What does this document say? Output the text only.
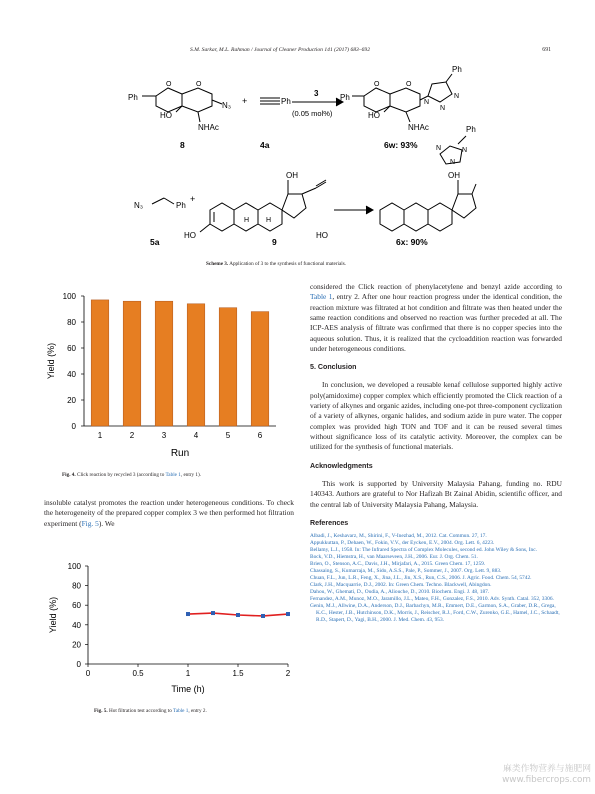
S.M. Sarkar, M.L. Rahman / Journal of Cleaner Production 141 (2017) 683–692	691
Ph
O	O
N₃
HO
NHAc
8
+	Ph
4a
3
(0.05 mol%)
Ph
O	O
HO
NHAc
N
N
N
Ph
6w: 93%
N₃	Ph
5a
+
HO
OH
H
H
9
HO
OH
N
N
N
Ph
6x: 90%
Scheme 3. Application of 3 to the synthesis of functional materials.
0
20
40
60
80
100
1	2	3	4	5	6
Run
Yield (%)
Fig. 4. Click reaction by recycled 3 (according to Table 1, entry 1).
insoluble catalyst promotes the reaction under heterogeneous conditions. To check the heterogeneity of the prepared copper complex 3 we then performed hot filtration experiment (Fig. 5). We
0
20
40
60
80
100
0	0.5	1	1.5	2
Time (h)
Yield (%)
Fig. 5. Hot filtration test according to Table 1, entry 2.
considered the Click reaction of phenylacetylene and benzyl azide according to Table 1, entry 2. After one hour reaction progress under the identical condition, the reaction mixture was filtrated at hot condition and filtrate was then heated under the same reaction conditions and observed no reaction was further preceded at all. The ICP-AES analysis of filtrate was confirmed that there is no copper species into the aqueous solution. Thus, it is realized that the cycloaddition reaction was forwarded under heterogeneous conditions.
5. Conclusion
In conclusion, we developed a reusable kenaf cellulose supported highly active poly(amidoxime) copper complex which efficiently promoted the Click reaction of a variety of alkynes and organic azides, including one-pot three-component cyclization of a variety of alkynes, organic halides, and sodium azide in pure water. The copper complex was provided high TON and TOF and it can be reused several times without significance loss of its catalytic activity. Moreover, the complex can be utilized for the synthesis of functional materials.
Acknowledgments
This work is supported by University Malaysia Pahang, funding no. RDU 140343. Authors are grateful to Nor Hafizah Bt Zainal Abidin, scientific officer, and the central lab of University Malaysia Pahang, Malaysia.
References
Albadi, J., Keshavarz, M., Shirini, F., V-Inezhad, M., 2012. Cat. Commun. 27, 17.
Appukkuttan, P., Dehaen, W., Fokin, V.V., der Eycken, E.V., 2004. Org. Lett. 6, 4223.
Bellamy, L.J., 1958. In: The Infrared Spectra of Complex Molecules, second ed. John Wiley & Sons, Inc.
Bock, V.D., Hiemstra, H., van Maarseveen, J.H., 2006. Eur. J. Org. Chem. 51.
Brien, O., Stenson, A.C., Davis, J.H., Mirjafari, A., 2015. Green Chem. 17, 1259.
Chassaing, S., Kumarraja, M., Sido, A.S.S., Pale, P., Sommer, J., 2007. Org. Lett. 9, 883.
Chuan, F.L., Jun, L.R., Feng, X., Jina, J.L., Jin, X.S., Run, C.S., 2006. J. Agric. Food. Chem. 54, 5742.
Clark, J.H., Macquarrie, D.J., 2002. In: Green Chem. Techno. Blackwell, Abingdon.
Dahou, W., Ghemati, D., Oudia, A., Aliouche, D., 2010. Biochem. Engi. J. 48, 187.
Fernandez, A.M., Munoz, M.O., Jaramillo, J.L., Mateo, F.H., Gonzalez, F.S., 2010. Adv. Synth. Catal. 352, 3306.
Genin, M.J., Allwine, D.A., Anderson, D.J., Barbachyn, M.R., Emmert, D.E., Garmon, S.A., Graber, D.R., Grega, K.C., Hester, J.B., Hutchinson, D.K., Morris, J., Reischer, R.J., Ford, C.W., Zurenko, G.E., Hamel, J.C., Schaadt, R.D., Stapert, D., Yagi, B.H., 2000. J. Med. Chem. 43, 953.
麻类作物营养与施肥网
www.fibercrops.com
